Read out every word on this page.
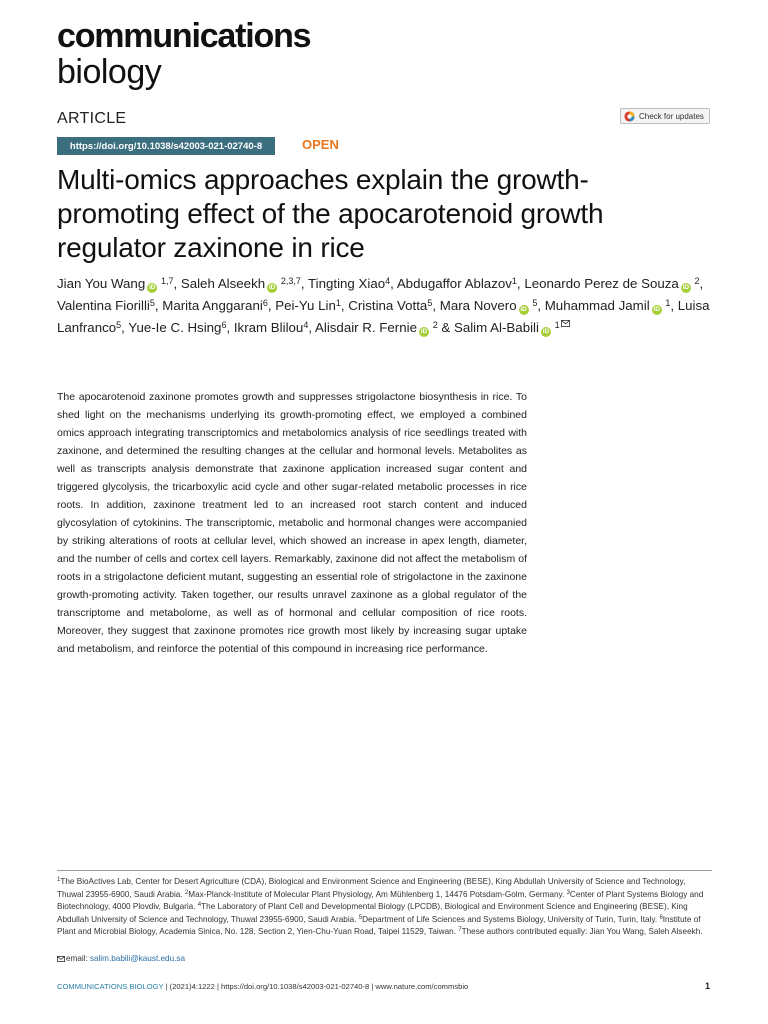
communications
biology
ARTICLE	Check for updates
https://doi.org/10.1038/s42003-021-02740-8	OPEN
Multi-omics approaches explain the growth-promoting effect of the apocarotenoid growth regulator zaxinone in rice

Jian You Wang iD $^{1,7}$, Saleh Alseekh iD $^{2,3,7}$, Tingting Xiao$^4$, Abdugaffor Ablazov$^1$, Leonardo Perez de Souza iD $^2$, Valentina Fiorilli$^5$, Marita Anggarani$^6$, Pei-Yu Lin$^1$, Cristina Votta$^5$, Mara Novero iD $^5$, Muhammad Jamil iD $^1$, Luisa Lanfranco$^5$, Yue-Ie C. Hsing$^6$, Ikram Blilou$^4$, Alisdair R. Fernie iD $^2$ & Salim Al-Babili iD $^1$

The apocarotenoid zaxinone promotes growth and suppresses strigolactone biosynthesis in rice. To shed light on the mechanisms underlying its growth-promoting effect, we employed a combined omics approach integrating transcriptomics and metabolomics analysis of rice seedlings treated with zaxinone, and determined the resulting changes at the cellular and hormonal levels. Metabolites as well as transcripts analysis demonstrate that zaxinone application increased sugar content and triggered glycolysis, the tricarboxylic acid cycle and other sugar-related metabolic processes in rice roots. In addition, zaxinone treatment led to an increased root starch content and induced glycosylation of cytokinins. The transcriptomic, metabolic and hormonal changes were accompanied by striking alterations of roots at cellular level, which showed an increase in apex length, diameter, and the number of cells and cortex cell layers. Remarkably, zaxinone did not affect the metabolism of roots in a strigolactone deficient mutant, suggesting an essential role of strigolactone in the zaxinone growth-promoting activity. Taken together, our results unravel zaxinone as a global regulator of the transcriptome and metabolome, as well as of hormonal and cellular composition of rice roots. Moreover, they suggest that zaxinone promotes rice growth most likely by increasing sugar uptake and metabolism, and reinforce the potential of this compound in increasing rice performance.

$^1$The BioActives Lab, Center for Desert Agriculture (CDA), Biological and Environment Science and Engineering (BESE), King Abdullah University of Science and Technology, Thuwal 23955-6900, Saudi Arabia. $^2$Max-Planck-Institute of Molecular Plant Physiology, Am Mühlenberg 1, 14476 Potsdam-Golm, Germany. $^3$Center of Plant Systems Biology and Biotechnology, 4000 Plovdiv, Bulgaria. $^4$The Laboratory of Plant Cell and Developmental Biology (LPCDB), Biological and Environment Science and Engineering (BESE), King Abdullah University of Science and Technology, Thuwal 23955-6900, Saudi Arabia. $^5$Department of Life Sciences and Systems Biology, University of Turin, Turin, Italy. $^6$Institute of Plant and Microbial Biology, Academia Sinica, No. 128, Section 2, Yien-Chu-Yuan Road, Taipei 11529, Taiwan. $^7$These authors contributed equally: Jian You Wang, Saleh Alseekh.

email: salim.babili@kaust.edu.sa
COMMUNICATIONS BIOLOGY | (2021)4:1222 | https://doi.org/10.1038/s42003-021-02740-8 | www.nature.com/commsbio	1
